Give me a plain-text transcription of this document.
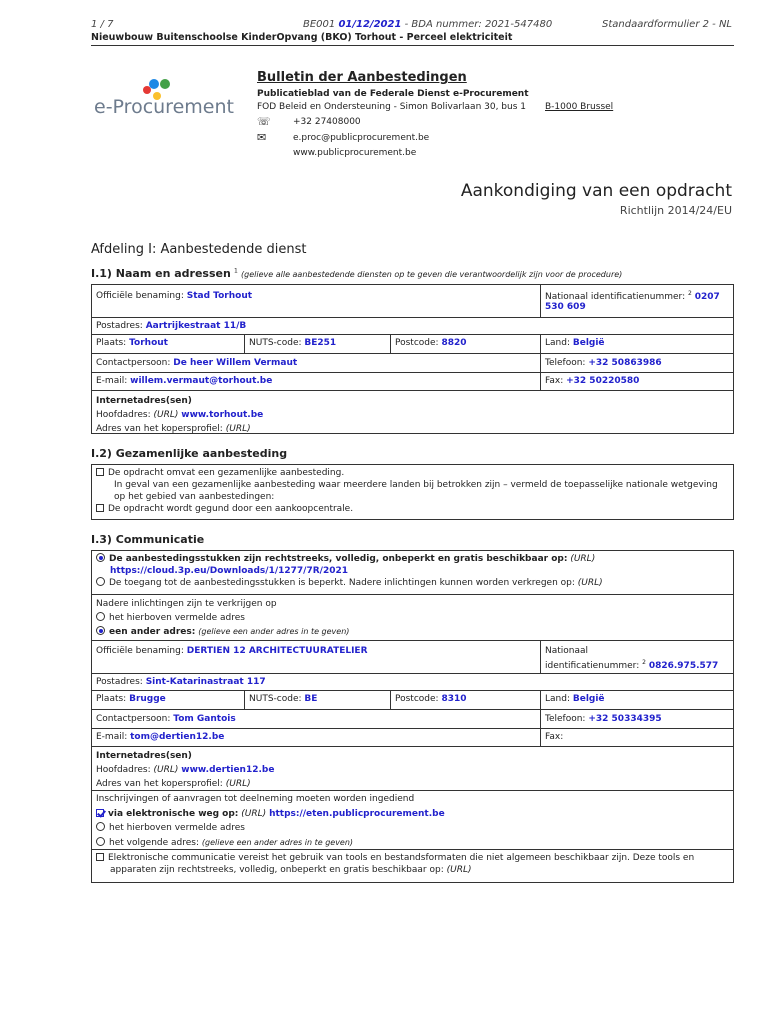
1 / 7	BE001 01/12/2021 - BDA nummer: 2021-547480	Standaardformulier 2 - NL
Nieuwbouw Buitenschoolse KinderOpvang (BKO) Torhout - Perceel elektriciteit
e-Procurement
Bulletin der Aanbestedingen
Publicatieblad van de Federale Dienst e-Procurement
FOD Beleid en Ondersteuning - Simon Bolivarlaan 30, bus 1 B-1000 Brussel
☏ +32 27408000
✉	e.proc@publicprocurement.be
www.publicprocurement.be
Aankondiging van een opdracht
Richtlijn 2014/24/EU
Afdeling I: Aanbestedende dienst
I.1) Naam en adressen $^1$ (gelieve alle aanbestedende diensten op te geven die verantwoordelijk zijn voor de procedure)
Officiële benaming: Stad Torhout	Nationaal identificatienummer: $^2$ 0207 530 609
Postadres: Aartrijkestraat 11/B
Plaats: Torhout	NUTS-code: BE251	Postcode: 8820	Land: België
Contactpersoon: De heer Willem Vermaut	Telefoon: +32 50863986
E-mail: willem.vermaut@torhout.be	Fax: +32 50220580
Internetadres(sen)
Hoofdadres: (URL) www.torhout.be
Adres van het kopersprofiel: (URL)
I.2) Gezamenlijke aanbesteding
De opdracht omvat een gezamenlijke aanbesteding.
In geval van een gezamenlijke aanbesteding waar meerdere landen bij betrokken zijn – vermeld de toepasselijke nationale wetgeving
op het gebied van aanbestedingen:
De opdracht wordt gegund door een aankoopcentrale.
I.3) Communicatie
De aanbestedingsstukken zijn rechtstreeks, volledig, onbeperkt en gratis beschikbaar op: (URL)
https://cloud.3p.eu/Downloads/1/1277/7R/2021
De toegang tot de aanbestedingsstukken is beperkt. Nadere inlichtingen kunnen worden verkregen op: (URL)
Nadere inlichtingen zijn te verkrijgen op
het hierboven vermelde adres
een ander adres: (gelieve een ander adres in te geven)
Officiële benaming: DERTIEN 12 ARCHITECTUURATELIER	Nationaal
identificatienummer: $^2$ 0826.975.577
Postadres: Sint-Katarinastraat 117
Plaats: Brugge	NUTS-code: BE	Postcode: 8310	Land: België
Contactpersoon: Tom Gantois	Telefoon: +32 50334395
E-mail: tom@dertien12.be	Fax:
Internetadres(sen)
Hoofdadres: (URL) www.dertien12.be
Adres van het kopersprofiel: (URL)
Inschrijvingen of aanvragen tot deelneming moeten worden ingediend
via elektronische weg op: (URL) https://eten.publicprocurement.be
het hierboven vermelde adres
het volgende adres: (gelieve een ander adres in te geven)
Elektronische communicatie vereist het gebruik van tools en bestandsformaten die niet algemeen beschikbaar zijn. Deze tools en
apparaten zijn rechtstreeks, volledig, onbeperkt en gratis beschikbaar op: (URL)
